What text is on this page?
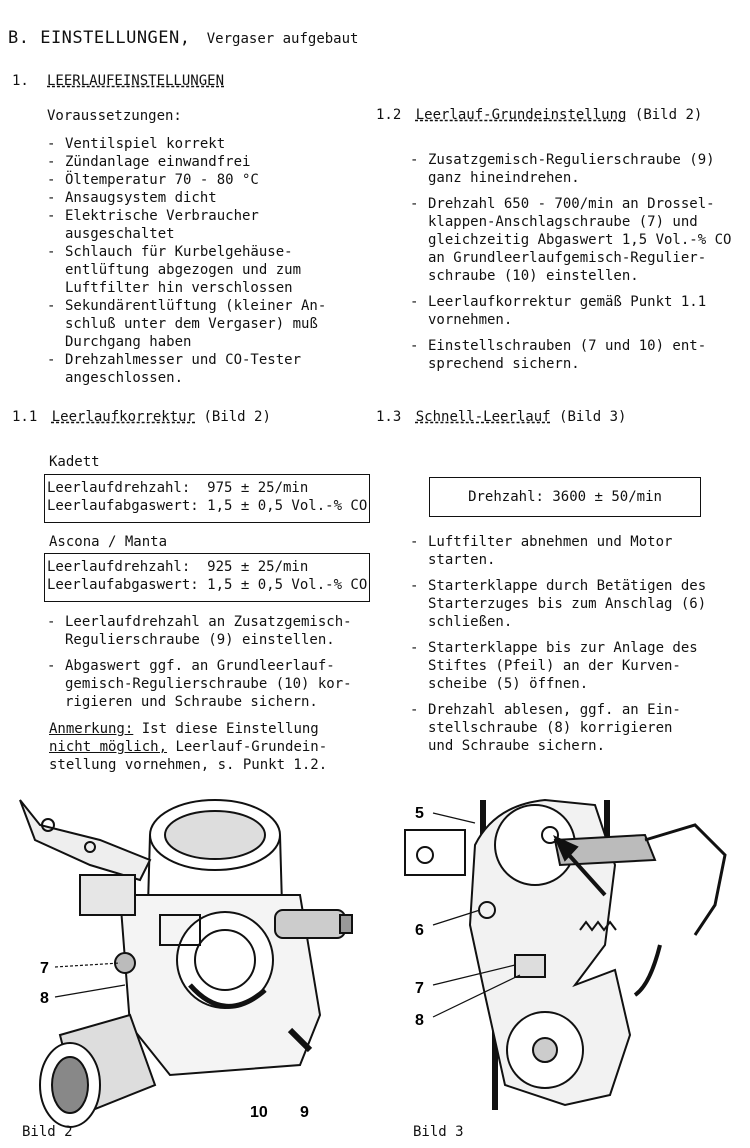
B. EINSTELLUNGEN, Vergaser aufgebaut
1. LEERLAUFEINSTELLUNGEN
Voraussetzungen:
- Ventilspiel korrekt
- Zündanlage einwandfrei
- Öltemperatur 70 - 80 °C
- Ansaugsystem dicht
- Elektrische Verbraucher
ausgeschaltet
- Schlauch für Kurbelgehäuse-
entlüftung abgezogen und zum
Luftfilter hin verschlossen
- Sekundärentlüftung (kleiner An-
schluß unter dem Vergaser) muß
Durchgang haben
- Drehzahlmesser und CO-Tester
angeschlossen.
1.2 Leerlauf-Grundeinstellung (Bild 2)
- Zusatzgemisch-Regulierschraube (9)
ganz hineindrehen.
- Drehzahl 650 - 700/min an Drossel-
klappen-Anschlagschraube (7) und
gleichzeitig Abgaswert 1,5 Vol.-% CO
an Grundleerlaufgemisch-Regulier-
schraube (10) einstellen.
- Leerlaufkorrektur gemäß Punkt 1.1
vornehmen.
- Einstellschrauben (7 und 10) ent-
sprechend sichern.
1.1 Leerlaufkorrektur (Bild 2)
Kadett
Leerlaufdrehzahl:  975 ± 25/min
Leerlaufabgaswert: 1,5 ± 0,5 Vol.-% CO
Ascona / Manta
Leerlaufdrehzahl:  925 ± 25/min
Leerlaufabgaswert: 1,5 ± 0,5 Vol.-% CO
- Leerlaufdrehzahl an Zusatzgemisch-
Regulierschraube (9) einstellen.
- Abgaswert ggf. an Grundleerlauf-
gemisch-Regulierschraube (10) kor-
rigieren und Schraube sichern.
Anmerkung: Ist diese Einstellung
nicht möglich, Leerlauf-Grundein-
stellung vornehmen, s. Punkt 1.2.
1.3 Schnell-Leerlauf (Bild 3)
Drehzahl: 3600 ± 50/min
- Luftfilter abnehmen und Motor
starten.
- Starterklappe durch Betätigen des
Starterzuges bis zum Anschlag (6)
schließen.
- Starterklappe bis zur Anlage des
Stiftes (Pfeil) an der Kurven-
scheibe (5) öffnen.
- Drehzahl ablesen, ggf. an Ein-
stellschraube (8) korrigieren
und Schraube sichern.
7
8
10 9
Bild 2
5
6
7
8
Bild 3
